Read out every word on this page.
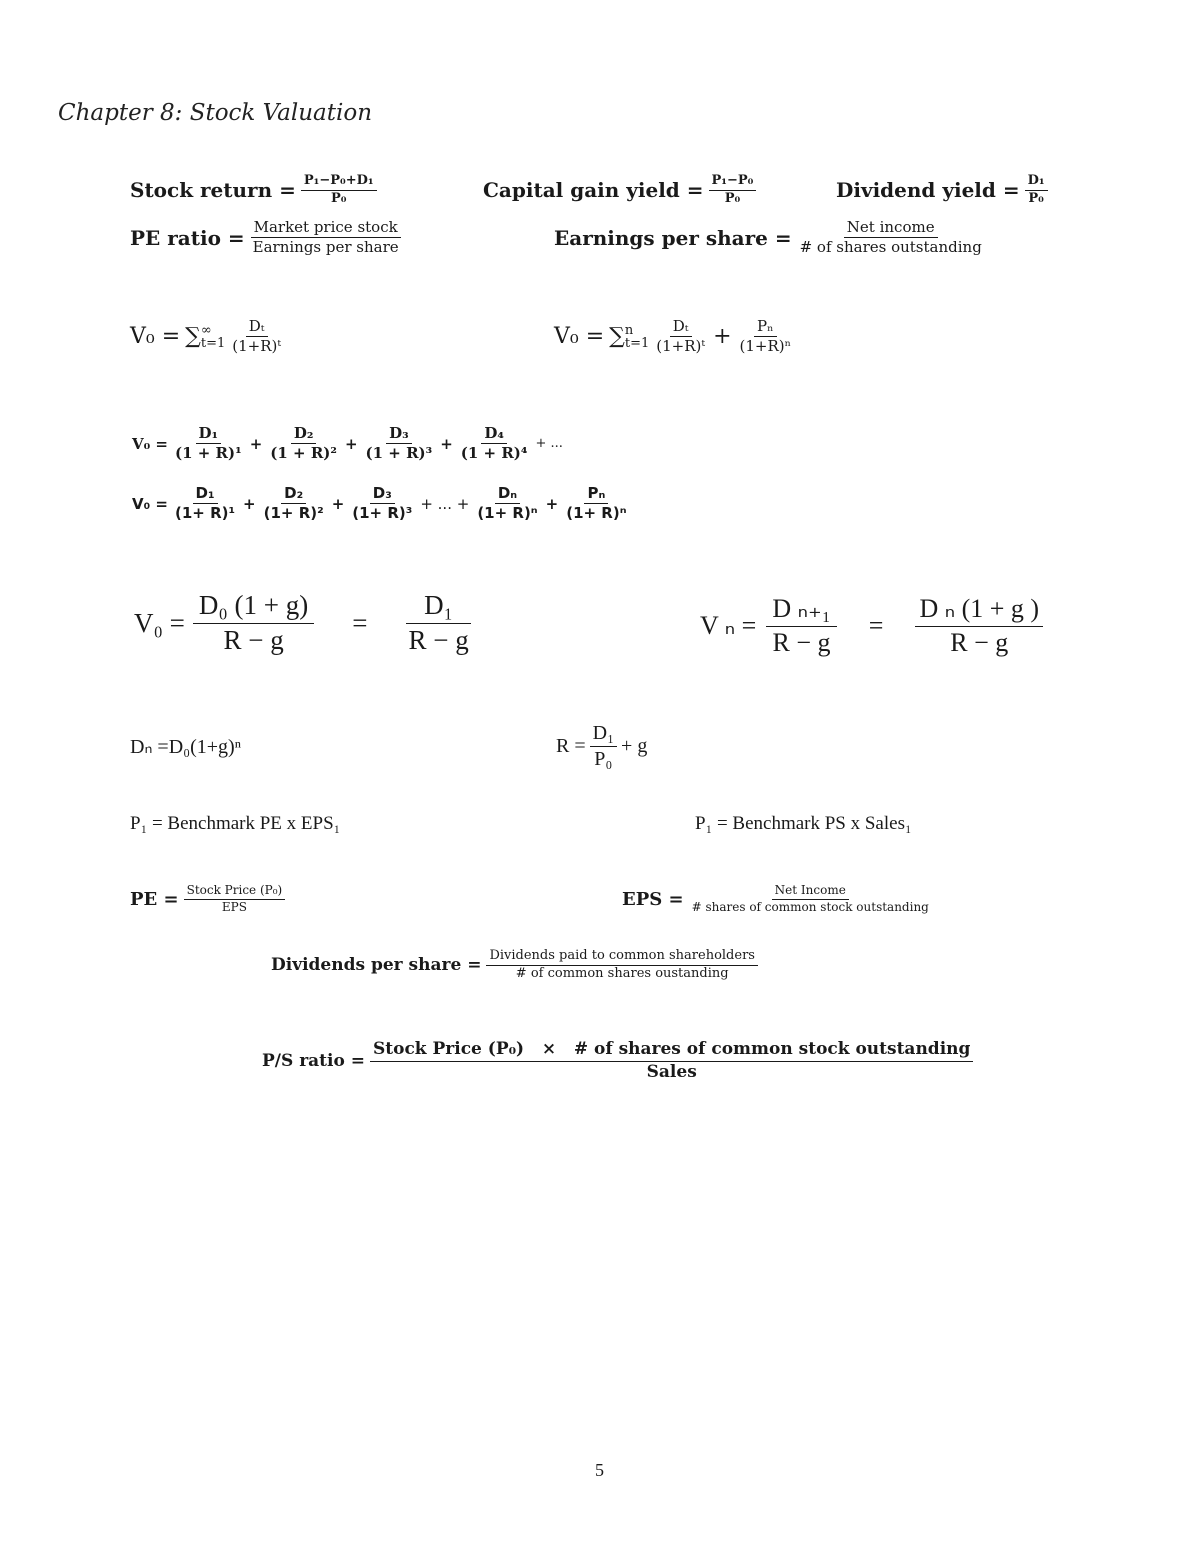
Chapter 8: Stock Valuation
Stock return = $\frac{\text{P₁−P₀+D₁}}{\text{P₀}}$	Capital gain yield = $\frac{\text{P₁−P₀}}{\text{P₀}}$	Dividend yield = $\frac{\text{D₁}}{\text{P₀}}$
PE ratio = $\frac{\text{Market price stock}}{\text{Earnings per share}}$	Earnings per share = $\frac{\text{Net income}}{\text{\# of shares outstanding}}$
V₀ = ∑ ∞
$t=1 \frac{\text{Dₜ}}{\text{(1+R)ᵗ}}$	V₀ = ∑ n
$t=1 \frac{\text{Dₜ}}{\text{(1+R)ᵗ}} + \frac{\text{Pₙ}}{\text{(1+R)ⁿ}}$
$V_0 = \frac{\text{D₁}}{\text{(1 + R)¹}} + \frac{\text{D₂}}{\text{(1 + R)²}} + \frac{\text{D₃}}{\text{(1 + R)³}} + \frac{\text{D₄}}{\text{(1 + R)⁴}}$ + ...
$V_0 = \frac{\text{D₁}}{\text{(1+ R)¹}} + \frac{\text{D₂}}{\text{(1+ R)²}} + \frac{\text{D₃}}{\text{(1+ R)³}}$ + ... + $\frac{\text{Dₙ}}{\text{(1+ R)ⁿ}} + \frac{\text{Pₙ}}{\text{(1+ R)ⁿ}}$
$V_0 = \frac{\text{D₀ (1 + g)}}{R - g} = \frac{\text{D₁}}{R - g}$	V $_n = \frac{\text{D ₙ₊₁}}{R - g} = \frac{\text{D ₙ (1 + g )}}{R - g}$
Dₙ =D₀(1+g)ⁿ	$R = \frac{\text{D₁}}{\text{P₀}} + g$
P₁ = Benchmark PE x EPS₁	P₁ = Benchmark PS x Sales₁
PE = $\frac{\text{Stock Price (P₀)}}{\text{EPS}}$	EPS = $\frac{\text{Net Income}}{\text{\# shares of common stock outstanding}}$
Dividends per share = $\frac{\text{Dividends paid to common shareholders}}{\text{\# of common shares oustanding}}$
P/S ratio =
Stock Price (P₀)   ×   # of shares of common stock outstanding
Sales
5
